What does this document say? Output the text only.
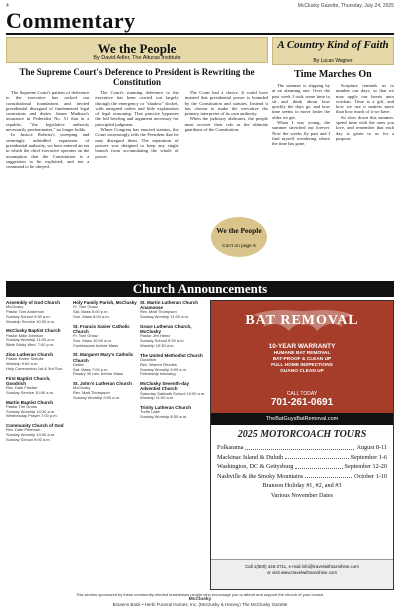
4	McClusky Gazette, Thursday, July 24, 2025
Commentary
We the People
By David Adler, The Alturas Institute
The Supreme Court's Deference to President is Rewriting the Constitution

The Supreme Court's pattern of deference to the executive has rocked our constitutional foundations and invited presidential disregard of fundamental legal constraints and duties. James Madison's assurance in Federalist No. 51 that in a republic, "the legislative authority necessarily predominates," no longer holds.

In Justice Roberts's sweeping and seemingly unbridled expansion of presidential authority, we have entered an era in which the chief executive operates on the assumption that the Constitution is a suggestion to be exploited, and not a command to be obeyed.

The Court's stunning deference to the executive has been carried out largely through the emergency or "shadow" docket, with unsigned orders and little explanation of legal reasoning. That practice bypasses the full briefing and argument necessary for principled judgment.

Where Congress has enacted statutes, the Court increasingly tells the President that he may disregard them. The separation of powers was designed to keep any single branch from accumulating the whole of power.

The Court had a choice. It could have insisted that presidential power is bounded by the Constitution and statutes. Instead it has chosen to make the executive the primary interpreter of its own authority.

When the judiciary abdicates, the people must recover their role as the ultimate guardians of the Constitution.

We the People
Con't on page 6
A Country Kind of Faith
By Lucas Wagner
Time Marches On

The summer is slipping by at an alarming rate. Over the past week I took some time to sit and think about how quickly the days go, and how time seems to move faster the older we get.

When I was young, the summer stretched out forever. Now the weeks fly past and I find myself wondering where the time has gone.

Scripture reminds us to number our days, so that we may apply our hearts unto wisdom. Time is a gift, and how we use it matters more than how much of it we have.

So slow down this summer, spend time with the ones you love, and remember that each day is given to us for a purpose.

Church Announcements
Assembly of God Church
McClusky
Pastor Tom Anderson
Sunday School 9:30 a.m.
Worship Service 10:30 a.m.
McClusky Baptist Church
Pastor Mike Johnson
Sunday Worship 11:00 a.m.
Bible Study Wed. 7:00 p.m.
Zion Lutheran Church
Pastor Karen Schultz
Worship 9:00 a.m.
Holy Communion 1st & 3rd Sun.
First Baptist Church, Goodrich
Rev. Dale Fischer
Sunday Service 10:00 a.m.
Martin Baptist Church
Pastor Tim Gross
Sunday Worship 10:30 a.m.
Wednesday Prayer 7:00 p.m.
Community Church of God
Rev. Dale Peterson
Sunday Worship 10:00 a.m.
Sunday School 9:00 a.m.
Holy Family Parish, McClusky
Fr. Tom Grosz
Sat. Mass 5:00 p.m.
Sun. Mass 8:00 a.m.
St. Francis Xavier Catholic Church
Fr. Tom Grosz
Sun. Mass 10:00 a.m.
Confessions before Mass
St. Margaret Mary's Catholic Church
Drake
Sat. Mass 7:00 p.m.
Rosary 30 min. before Mass
St. John's Lutheran Church
McClusky
Rev. Matt Thompson
Sunday Worship 9:00 a.m.
St. Martin Lutheran Church Anamoose
Rev. Matt Thompson
Sunday Worship 11:00 a.m.
Grace Lutheran Church, McClusky
Pastor Jim Heinz
Sunday School 9:30 a.m.
Worship 10:30 a.m.
The United Methodist Church
Goodrich
Rev. Warren Rhodes
Sunday Worship 9:00 a.m.
Fellowship following
McClusky Seventh-day Adventist Church
Saturday Sabbath School 10:00 a.m.
Worship 11:00 a.m.
Trinity Lutheran Church
Turtle Lake
Sunday Worship 8:30 a.m.
BAT REMOVAL
10-YEAR WARRANTY
HUMANE BAT REMOVAL
BAT-PROOF & CLEAN UP
FULL HOME INSPECTIONS
GUANO CLEAN UP
CALL TODAY
701-261-0691
TheBatGuysBatRemoval.com
2025 MOTORCOACH TOURS
Folkarama	August 8-11
Mackinac Island & Duluth	September 1-6
Washington, DC & Gettysburg	September 12-20
Nashville & the Smoky Mountains	October 1-10
Branson Holiday #1, #2, and #3
Various November Dates
Call 1(800) 446-2711, e-mail info@travelwithsunshine.com
or visit www.travelwithsunshine.com
This section sponsored by these community-minded businesses people who encourage you to attend and support the church of your choice.
McClusky
Braxens Bank • Herbi Funeral Homes, Inc. (McClusky & Harvey) The McClusky Gazette
